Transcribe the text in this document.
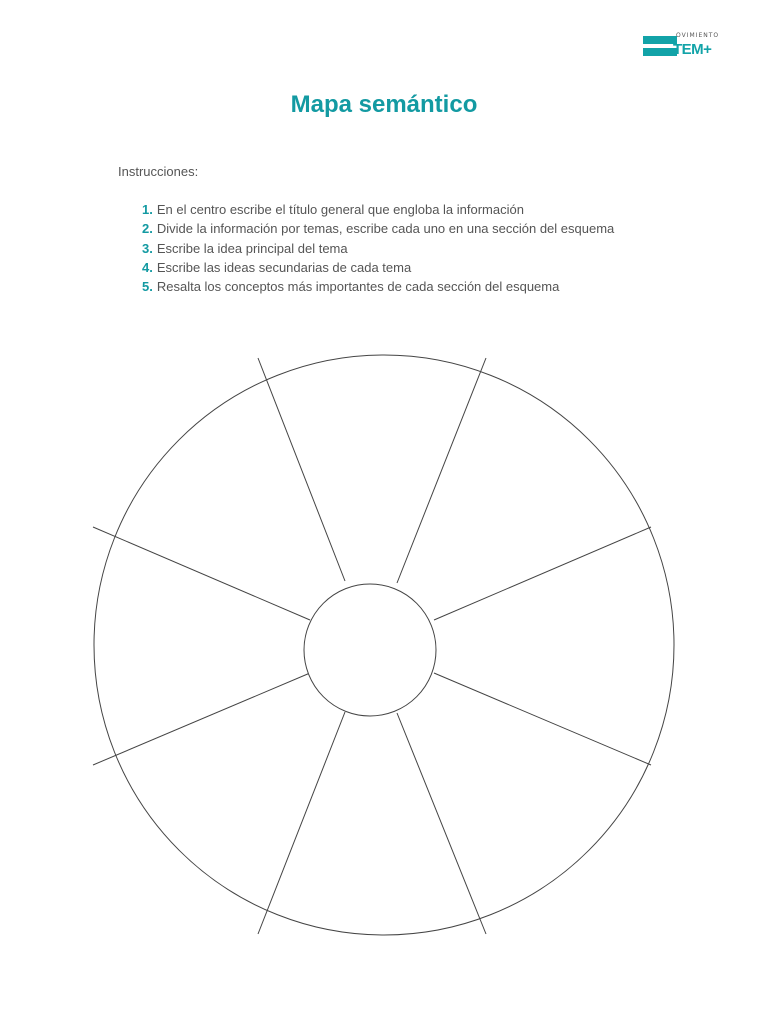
OVIMIENTO
TEM+
Mapa semántico
Instrucciones:
1. En el centro escribe el título general que engloba la información
2. Divide la información por temas, escribe cada uno en una sección del esquema
3. Escribe la idea principal del tema
4. Escribe las ideas secundarias de cada tema
5. Resalta los conceptos más importantes de cada sección del esquema
